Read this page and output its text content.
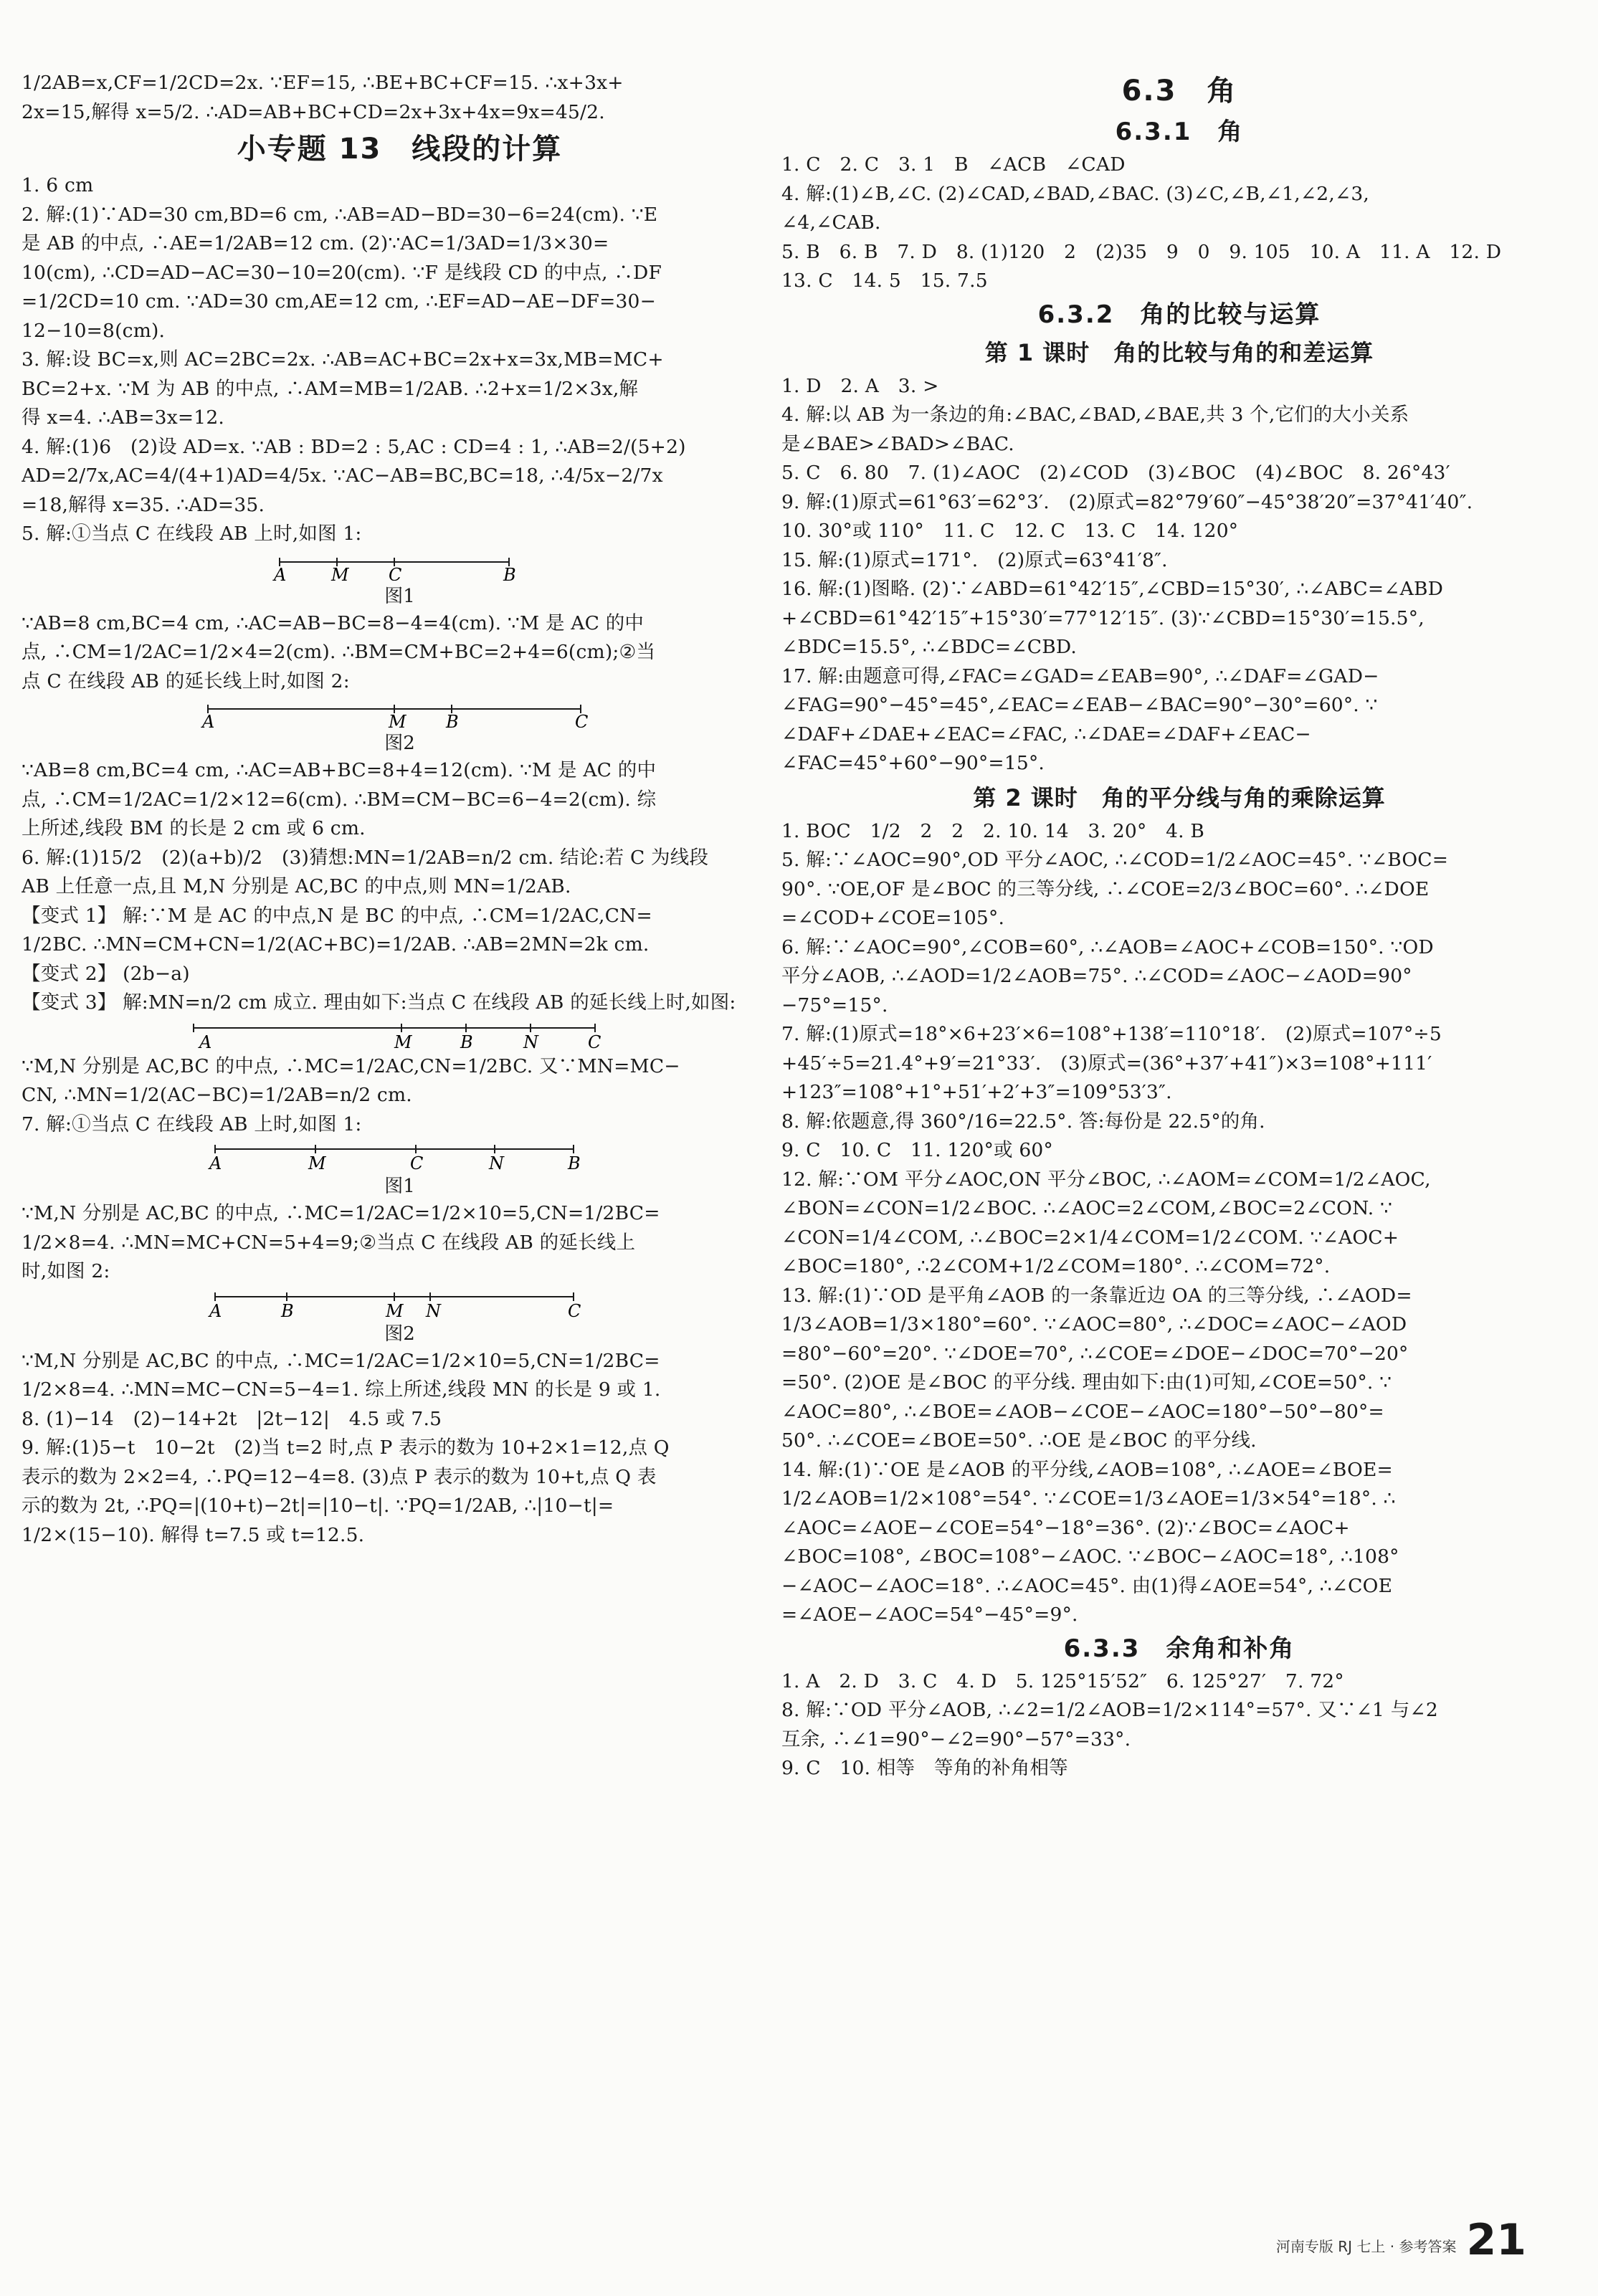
1/2AB=x,CF=1/2CD=2x. ∵EF=15, ∴BE+BC+CF=15. ∴x+3x+
2x=15,解得 x=5/2. ∴AD=AB+BC+CD=2x+3x+4x=9x=45/2.
小专题 13　线段的计算
1. 6 cm
2. 解:(1)∵AD=30 cm,BD=6 cm, ∴AB=AD−BD=30−6=24(cm). ∵E
是 AB 的中点, ∴AE=1/2AB=12 cm. (2)∵AC=1/3AD=1/3×30=
10(cm), ∴CD=AD−AC=30−10=20(cm). ∵F 是线段 CD 的中点, ∴DF
=1/2CD=10 cm. ∵AD=30 cm,AE=12 cm, ∴EF=AD−AE−DF=30−
12−10=8(cm).
3. 解:设 BC=x,则 AC=2BC=2x. ∴AB=AC+BC=2x+x=3x,MB=MC+
BC=2+x. ∵M 为 AB 的中点, ∴AM=MB=1/2AB. ∴2+x=1/2×3x,解
得 x=4. ∴AB=3x=12.
4. 解:(1)6　(2)设 AD=x. ∵AB : BD=2 : 5,AC : CD=4 : 1, ∴AB=2/(5+2)
AD=2/7x,AC=4/(4+1)AD=4/5x. ∵AC−AB=BC,BC=18, ∴4/5x−2/7x
=18,解得 x=35. ∴AD=35.
5. 解:①当点 C 在线段 AB 上时,如图 1:
A	M C	B
图1
∵AB=8 cm,BC=4 cm, ∴AC=AB−BC=8−4=4(cm). ∵M 是 AC 的中
点, ∴CM=1/2AC=1/2×4=2(cm). ∴BM=CM+BC=2+4=6(cm);②当
点 C 在线段 AB 的延长线上时,如图 2:
A	M B	C
图2
∵AB=8 cm,BC=4 cm, ∴AC=AB+BC=8+4=12(cm). ∵M 是 AC 的中
点, ∴CM=1/2AC=1/2×12=6(cm). ∴BM=CM−BC=6−4=2(cm). 综
上所述,线段 BM 的长是 2 cm 或 6 cm.
6. 解:(1)15/2　(2)(a+b)/2　(3)猜想:MN=1/2AB=n/2 cm. 结论:若 C 为线段
AB 上任意一点,且 M,N 分别是 AC,BC 的中点,则 MN=1/2AB.
【变式 1】 解:∵M 是 AC 的中点,N 是 BC 的中点, ∴CM=1/2AC,CN=
1/2BC. ∴MN=CM+CN=1/2(AC+BC)=1/2AB. ∴AB=2MN=2k cm.
【变式 2】 (2b−a)
【变式 3】 解:MN=n/2 cm 成立. 理由如下:当点 C 在线段 AB 的延长线上时,如图:
A	M	B	N	C
∵M,N 分别是 AC,BC 的中点, ∴MC=1/2AC,CN=1/2BC. 又∵MN=MC−
CN, ∴MN=1/2(AC−BC)=1/2AB=n/2 cm.
7. 解:①当点 C 在线段 AB 上时,如图 1:
A	M	C	N	B
图1
∵M,N 分别是 AC,BC 的中点, ∴MC=1/2AC=1/2×10=5,CN=1/2BC=
1/2×8=4. ∴MN=MC+CN=5+4=9;②当点 C 在线段 AB 的延长线上
时,如图 2:
A	B	M N	C
图2
∵M,N 分别是 AC,BC 的中点, ∴MC=1/2AC=1/2×10=5,CN=1/2BC=
1/2×8=4. ∴MN=MC−CN=5−4=1. 综上所述,线段 MN 的长是 9 或 1.
8. (1)−14　(2)−14+2t　|2t−12|　4.5 或 7.5
9. 解:(1)5−t　10−2t　(2)当 t=2 时,点 P 表示的数为 10+2×1=12,点 Q
表示的数为 2×2=4, ∴PQ=12−4=8. (3)点 P 表示的数为 10+t,点 Q 表
示的数为 2t, ∴PQ=|(10+t)−2t|=|10−t|. ∵PQ=1/2AB, ∴|10−t|=
1/2×(15−10). 解得 t=7.5 或 t=12.5.
6.3　角
6.3.1　角
1. C　2. C　3. 1　B　∠ACB　∠CAD
4. 解:(1)∠B,∠C. (2)∠CAD,∠BAD,∠BAC. (3)∠C,∠B,∠1,∠2,∠3,
∠4,∠CAB.
5. B　6. B　7. D　8. (1)120　2　(2)35　9　0　9. 105　10. A　11. A　12. D
13. C　14. 5　15. 7.5
6.3.2　角的比较与运算
第 1 课时　角的比较与角的和差运算
1. D　2. A　3. >
4. 解:以 AB 为一条边的角:∠BAC,∠BAD,∠BAE,共 3 个,它们的大小关系
是∠BAE>∠BAD>∠BAC.
5. C　6. 80　7. (1)∠AOC　(2)∠COD　(3)∠BOC　(4)∠BOC　8. 26°43′
9. 解:(1)原式=61°63′=62°3′.　(2)原式=82°79′60″−45°38′20″=37°41′40″.
10. 30°或 110°　11. C　12. C　13. C　14. 120°
15. 解:(1)原式=171°.　(2)原式=63°41′8″.
16. 解:(1)图略. (2)∵∠ABD=61°42′15″,∠CBD=15°30′, ∴∠ABC=∠ABD
+∠CBD=61°42′15″+15°30′=77°12′15″. (3)∵∠CBD=15°30′=15.5°,
∠BDC=15.5°, ∴∠BDC=∠CBD.
17. 解:由题意可得,∠FAC=∠GAD=∠EAB=90°, ∴∠DAF=∠GAD−
∠FAG=90°−45°=45°,∠EAC=∠EAB−∠BAC=90°−30°=60°. ∵
∠DAF+∠DAE+∠EAC=∠FAC, ∴∠DAE=∠DAF+∠EAC−
∠FAC=45°+60°−90°=15°.
第 2 课时　角的平分线与角的乘除运算
1. BOC　1/2　2　2　2. 10. 14　3. 20°　4. B
5. 解:∵∠AOC=90°,OD 平分∠AOC, ∴∠COD=1/2∠AOC=45°. ∵∠BOC=
90°. ∵OE,OF 是∠BOC 的三等分线, ∴∠COE=2/3∠BOC=60°. ∴∠DOE
=∠COD+∠COE=105°.
6. 解:∵∠AOC=90°,∠COB=60°, ∴∠AOB=∠AOC+∠COB=150°. ∵OD
平分∠AOB, ∴∠AOD=1/2∠AOB=75°. ∴∠COD=∠AOC−∠AOD=90°
−75°=15°.
7. 解:(1)原式=18°×6+23′×6=108°+138′=110°18′.　(2)原式=107°÷5
+45′÷5=21.4°+9′=21°33′.　(3)原式=(36°+37′+41″)×3=108°+111′
+123″=108°+1°+51′+2′+3″=109°53′3″.
8. 解:依题意,得 360°/16=22.5°. 答:每份是 22.5°的角.
9. C　10. C　11. 120°或 60°
12. 解:∵OM 平分∠AOC,ON 平分∠BOC, ∴∠AOM=∠COM=1/2∠AOC,
∠BON=∠CON=1/2∠BOC. ∴∠AOC=2∠COM,∠BOC=2∠CON. ∵
∠CON=1/4∠COM, ∴∠BOC=2×1/4∠COM=1/2∠COM. ∵∠AOC+
∠BOC=180°, ∴2∠COM+1/2∠COM=180°. ∴∠COM=72°.
13. 解:(1)∵OD 是平角∠AOB 的一条靠近边 OA 的三等分线, ∴∠AOD=
1/3∠AOB=1/3×180°=60°. ∵∠AOC=80°, ∴∠DOC=∠AOC−∠AOD
=80°−60°=20°. ∵∠DOE=70°, ∴∠COE=∠DOE−∠DOC=70°−20°
=50°. (2)OE 是∠BOC 的平分线. 理由如下:由(1)可知,∠COE=50°. ∵
∠AOC=80°, ∴∠BOE=∠AOB−∠COE−∠AOC=180°−50°−80°=
50°. ∴∠COE=∠BOE=50°. ∴OE 是∠BOC 的平分线.
14. 解:(1)∵OE 是∠AOB 的平分线,∠AOB=108°, ∴∠AOE=∠BOE=
1/2∠AOB=1/2×108°=54°. ∵∠COE=1/3∠AOE=1/3×54°=18°. ∴
∠AOC=∠AOE−∠COE=54°−18°=36°. (2)∵∠BOC=∠AOC+
∠BOC=108°, ∠BOC=108°−∠AOC. ∵∠BOC−∠AOC=18°, ∴108°
−∠AOC−∠AOC=18°. ∴∠AOC=45°. 由(1)得∠AOE=54°, ∴∠COE
=∠AOE−∠AOC=54°−45°=9°.
6.3.3　余角和补角
1. A　2. D　3. C　4. D　5. 125°15′52″　6. 125°27′　7. 72°
8. 解:∵OD 平分∠AOB, ∴∠2=1/2∠AOB=1/2×114°=57°. 又∵∠1 与∠2
互余, ∴∠1=90°−∠2=90°−57°=33°.
9. C　10. 相等　等角的补角相等
河南专版 RJ 七上 · 参考答案 21
